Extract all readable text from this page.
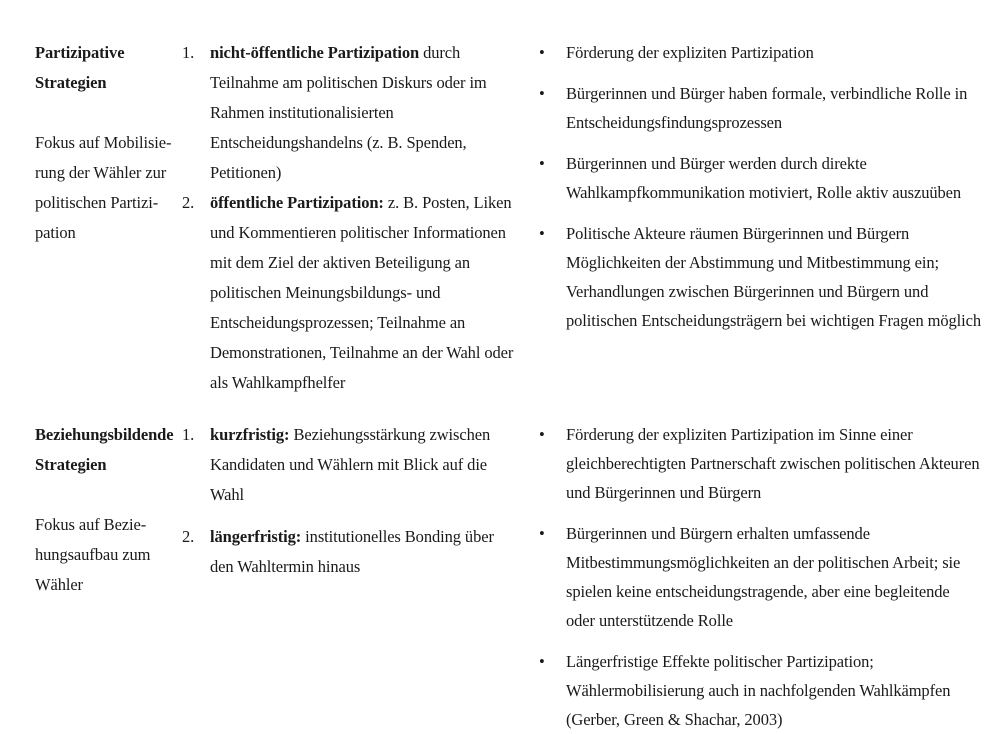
Partizipative
Strategien

Fokus auf Mobilisie-
rung der Wähler zur
politischen Partizi-
pation

1. nicht-öffentliche Partizipation durch Teilnahme am politischen Diskurs oder im Rahmen institutionalisierten Entscheidungshandelns (z. B. Spenden, Petitionen)
2. öffentliche Partizipation: z. B. Posten, Liken und Kommentieren politischer Informationen mit dem Ziel der aktiven Beteiligung an politischen Meinungsbildungs- und Entscheidungsprozessen; Teilnahme an Demonstrationen, Teilnahme an der Wahl oder als Wahlkampfhelfer
• Förderung der expliziten Partizipation
• Bürgerinnen und Bürger haben formale, verbindliche Rolle in Entscheidungsfindungsprozessen
• Bürgerinnen und Bürger werden durch direkte Wahlkampfkommunikation motiviert, Rolle aktiv auszuüben
• Politische Akteure räumen Bürgerinnen und Bürgern Möglichkeiten der Abstimmung und Mitbestimmung ein; Verhandlungen zwischen Bürgerinnen und Bürgern und politischen Entscheidungsträgern bei wichtigen Fragen möglich

Beziehungsbildende
Strategien

Fokus auf Bezie-
hungsaufbau zum
Wähler

1. kurzfristig: Beziehungsstärkung zwischen Kandidaten und Wählern mit Blick auf die Wahl
2. längerfristig: institutionelles Bonding über den Wahltermin hinaus
• Förderung der expliziten Partizipation im Sinne einer gleichberechtigten Partnerschaft zwischen politischen Akteuren und Bürgerinnen und Bürgern
• Bürgerinnen und Bürgern erhalten umfassende Mitbestimmungsmöglichkeiten an der politischen Arbeit; sie spielen keine entscheidungstragende, aber eine begleitende oder unterstützende Rolle
• Längerfristige Effekte politischer Partizipation; Wählermobilisierung auch in nachfolgenden Wahlkämpfen (Gerber, Green & Shachar, 2003)
